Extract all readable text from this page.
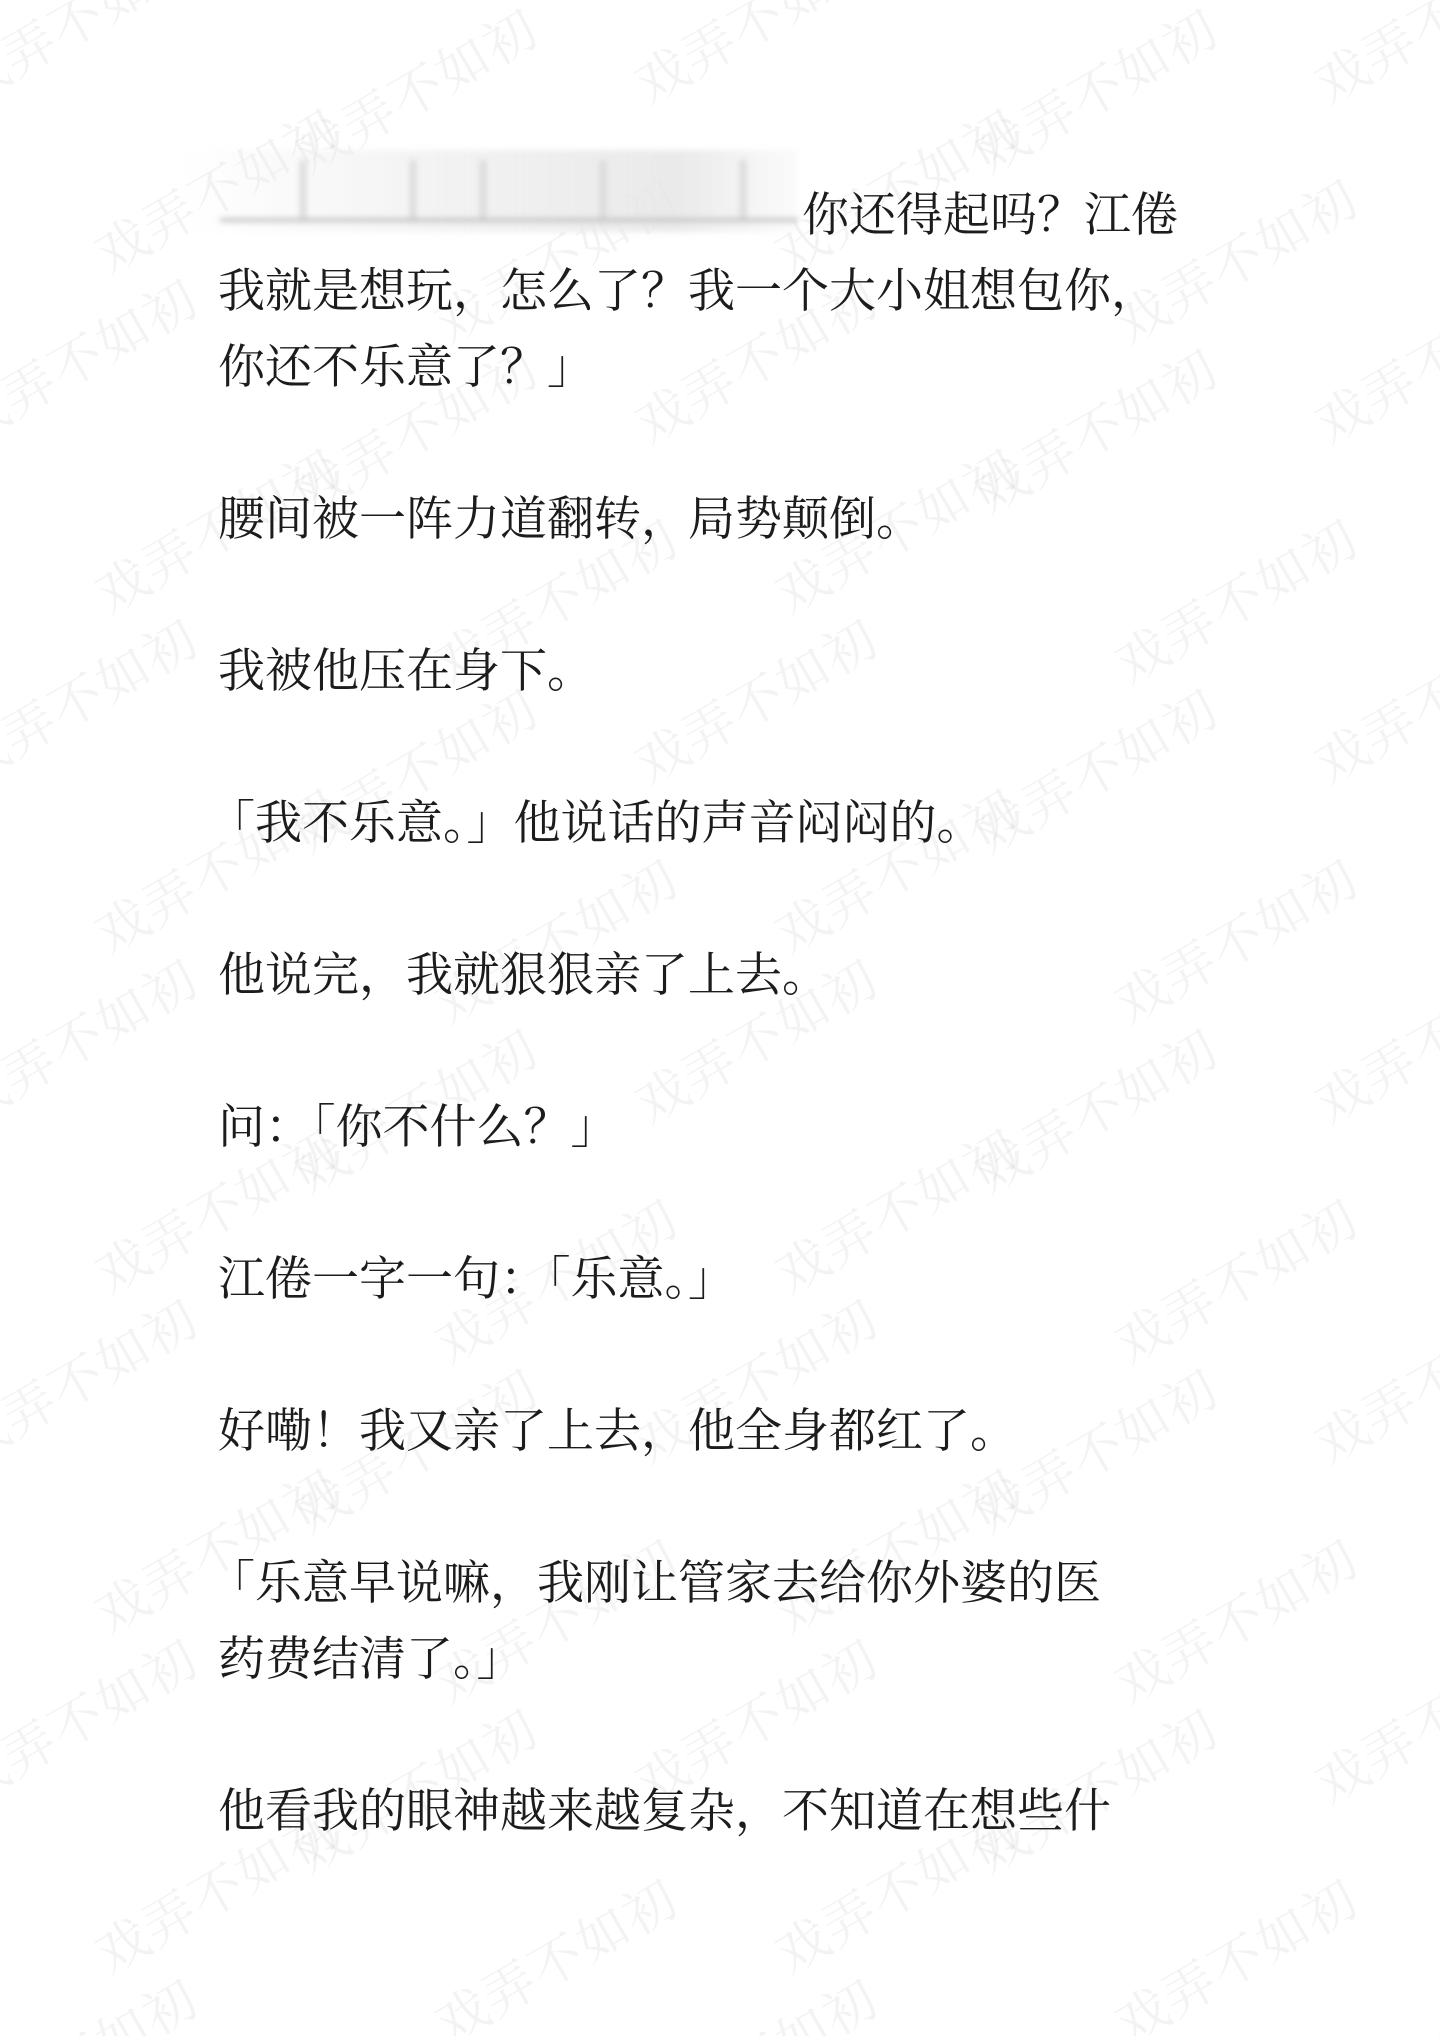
你还得起吗？江倦

我就是想玩，怎么了？我一个大小姐想包你，

你还不乐意了？」

腰间被一阵力道翻转，局势颠倒。

我被他压在身下。

「我不乐意。」他说话的声音闷闷的。

他说完，我就狠狠亲了上去。

问：「你不什么？」

江倦一字一句：「乐意。」

好嘞！我又亲了上去，他全身都红了。

「乐意早说嘛，我刚让管家去给你外婆的医

药费结清了。」

他看我的眼神越来越复杂，不知道在想些什
